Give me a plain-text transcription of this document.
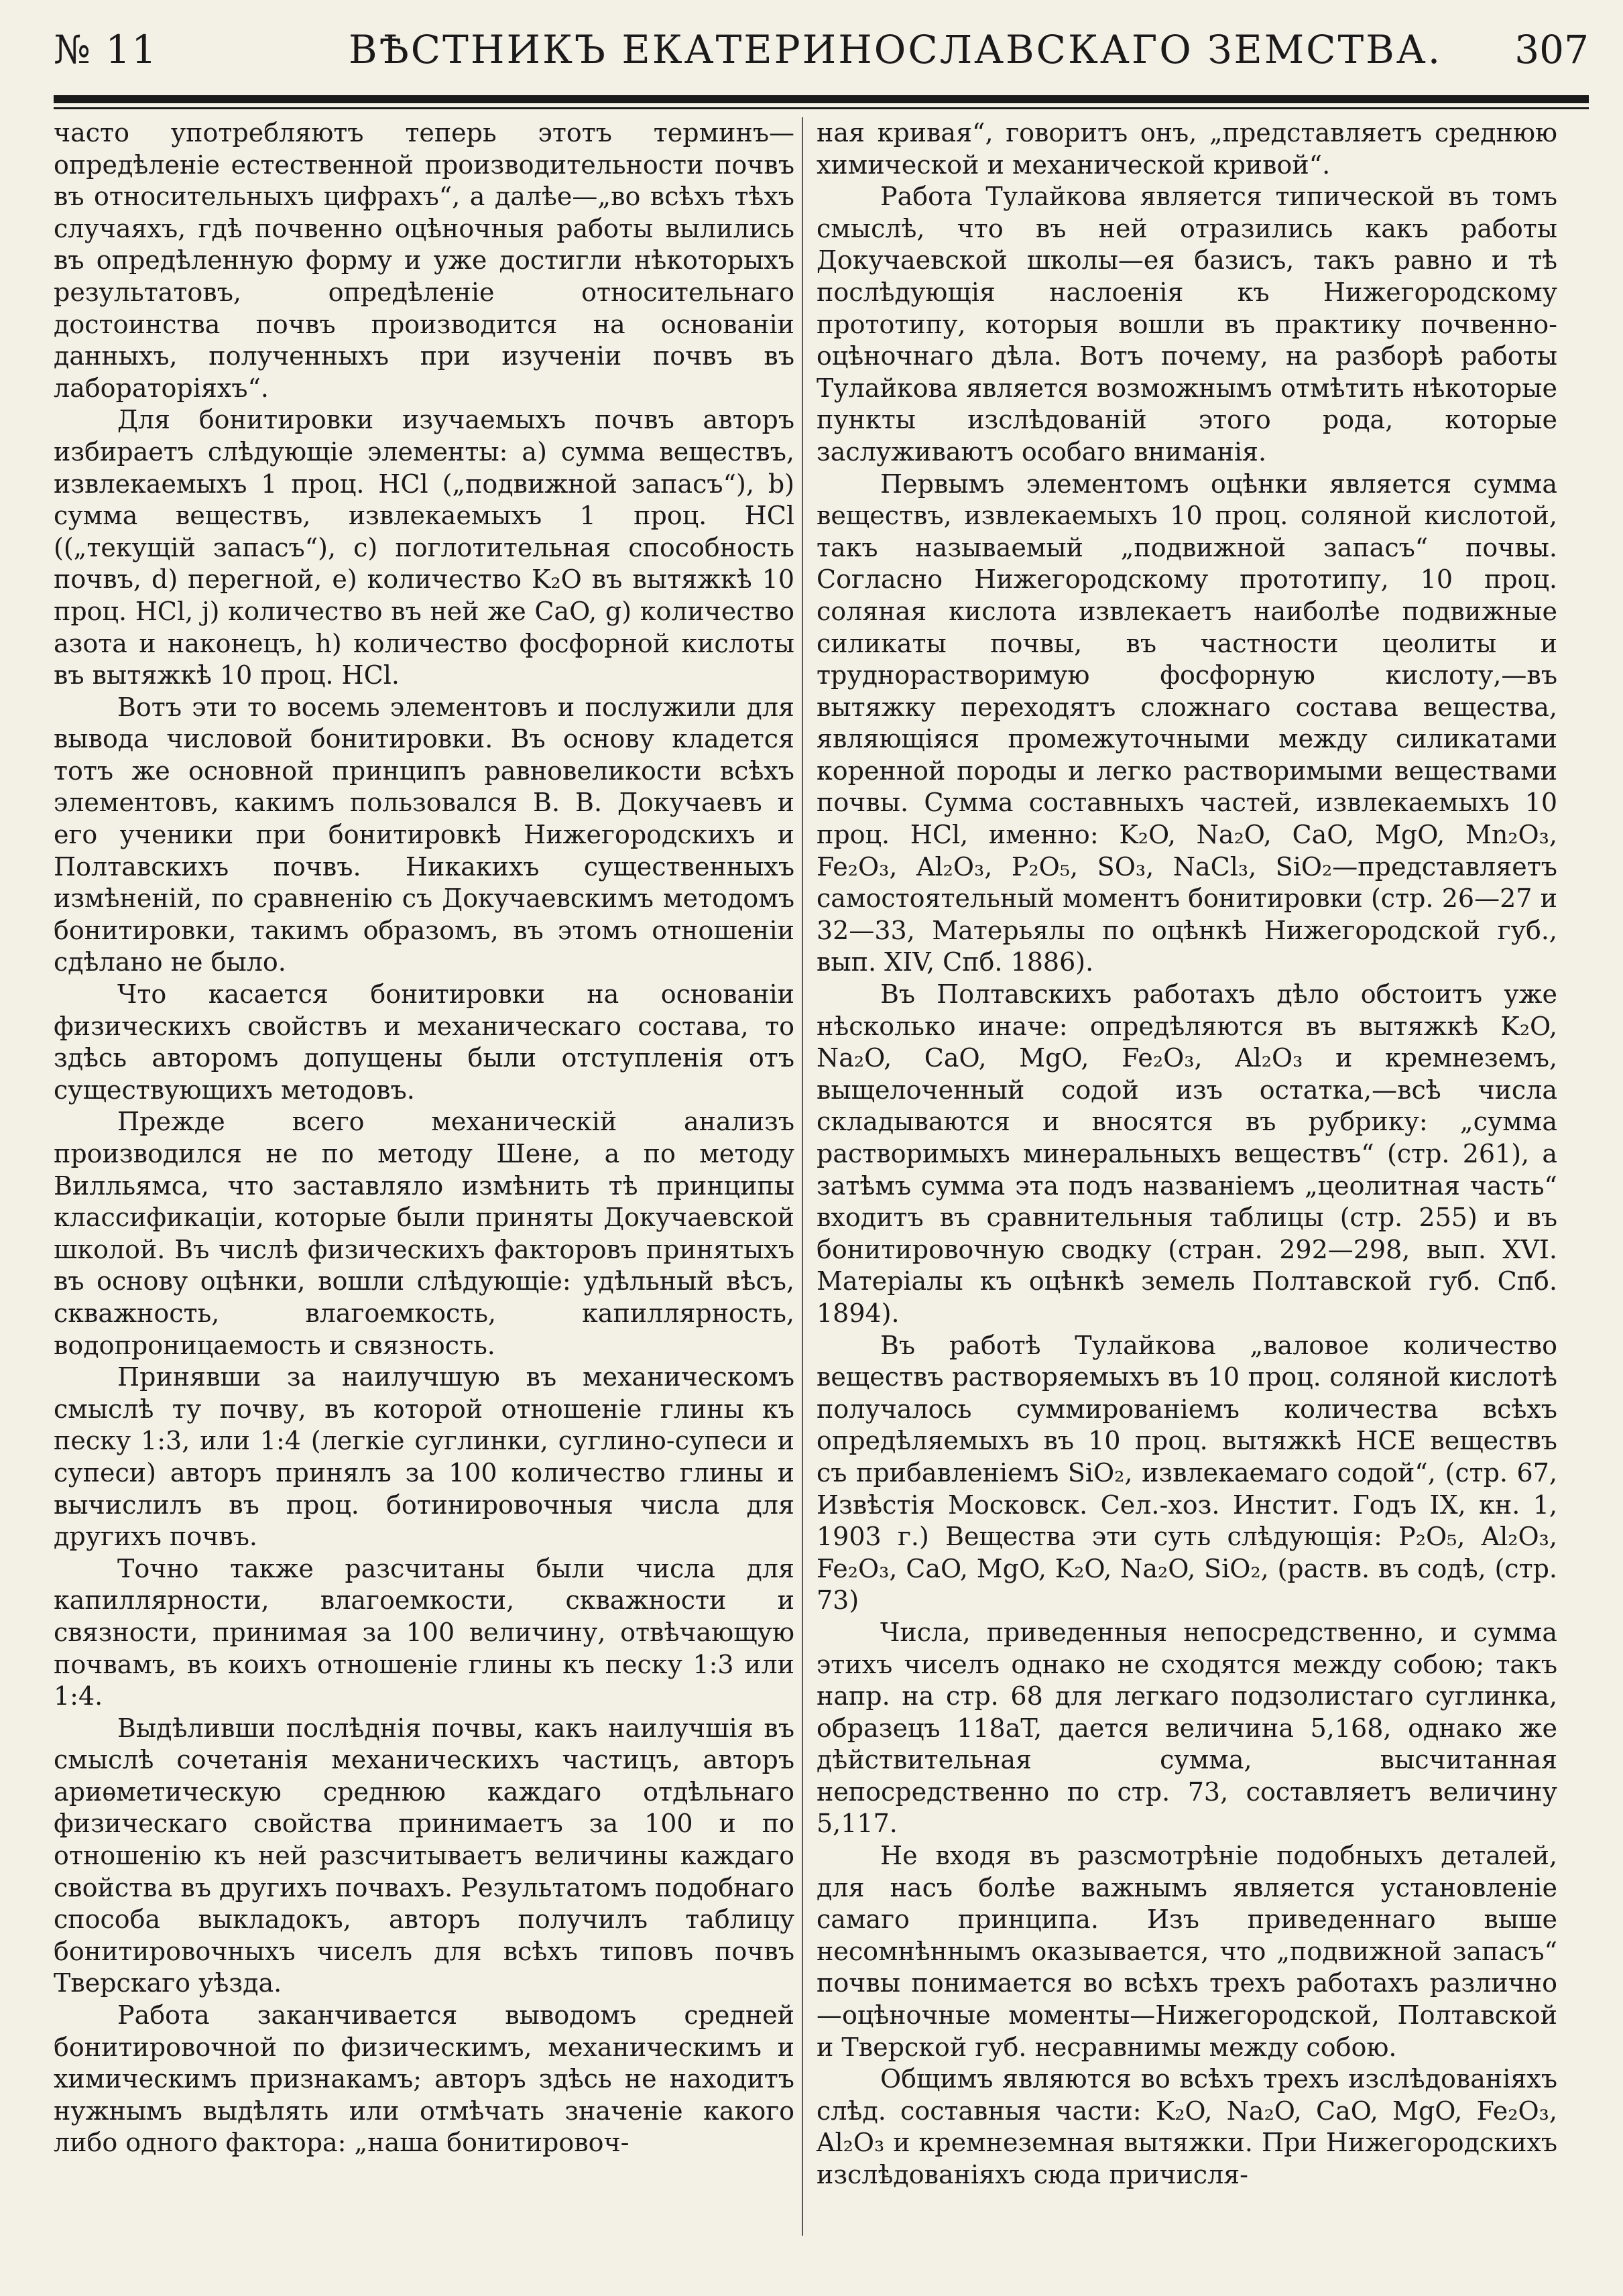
№ 11	ВѢСТНИКЪ ЕКАТЕРИНОСЛАВСКАГО ЗЕМСТВА. 307

часто употребляютъ теперь этотъ терминъ—опредѣленіе естественной производительности почвъ въ относительныхъ цифрахъ“, а далѣе—„во всѣхъ тѣхъ случаяхъ, гдѣ почвенно оцѣночныя работы вылились въ опредѣленную форму и уже достигли нѣкоторыхъ результатовъ, опредѣленіе относительнаго достоинства почвъ производится на основаніи данныхъ, полученныхъ при изученіи почвъ въ лабораторіяхъ“.

Для бонитировки изучаемыхъ почвъ авторъ избираетъ слѣдующіе элементы: a) сумма веществъ, извлекаемыхъ 1 проц. HCl („подвижной запасъ“), b) сумма веществъ, извлекаемыхъ 1 проц. HCl ((„текущій запасъ“), c) поглотительная способность почвъ, d) перегной, e) количество K₂O въ вытяжкѣ 10 проц. HCl, j) количество въ ней же CaO, g) количество азота и наконецъ, h) количество фосфорной кислоты въ вытяжкѣ 10 проц. HCl.

Вотъ эти то восемь элементовъ и послужили для вывода числовой бонитировки. Въ основу кладется тотъ же основной принципъ равновеликости всѣхъ элементовъ, какимъ пользовался В. В. Докучаевъ и его ученики при бонитировкѣ Нижегородскихъ и Полтавскихъ почвъ. Никакихъ существенныхъ измѣненій, по сравненію съ Докучаевскимъ методомъ бонитировки, такимъ образомъ, въ этомъ отношеніи сдѣлано не было.

Что касается бонитировки на основаніи физическихъ свойствъ и механическаго состава, то здѣсь авторомъ допущены были отступленія отъ существующихъ методовъ.

Прежде всего механическій анализъ производился не по методу Шене, а по методу Вилльямса, что заставляло измѣнить тѣ принципы классификаціи, которые были приняты Докучаевской школой. Въ числѣ физическихъ факторовъ принятыхъ въ основу оцѣнки, вошли слѣдующіе: удѣльный вѣсъ, скважность, влагоемкость, капиллярность, водопроницаемость и связность.

Принявши за наилучшую въ механическомъ смыслѣ ту почву, въ которой отношеніе глины къ песку 1:3, или 1:4 (легкіе суглинки, суглино-супеси и супеси) авторъ принялъ за 100 количество глины и вычислилъ въ проц. ботинировочныя числа для другихъ почвъ.

Точно также разсчитаны были числа для капиллярности, влагоемкости, скважности и связности, принимая за 100 величину, отвѣчающую почвамъ, въ коихъ отношеніе глины къ песку 1:3 или 1:4.

Выдѣливши послѣднія почвы, какъ наилучшія въ смыслѣ сочетанія механическихъ частицъ, авторъ ариѳметическую среднюю каждаго отдѣльнаго физическаго свойства принимаетъ за 100 и по отношенію къ ней разсчитываетъ величины каждаго свойства въ другихъ почвахъ. Результатомъ подобнаго способа выкладокъ, авторъ получилъ таблицу бонитировочныхъ чиселъ для всѣхъ типовъ почвъ Тверскаго уѣзда.

Работа заканчивается выводомъ средней бонитировочной по физическимъ, механическимъ и химическимъ признакамъ; авторъ здѣсь не находитъ нужнымъ выдѣлять или отмѣчать значеніе какого либо одного фактора: „наша бонитировоч-

ная кривая“, говоритъ онъ, „представляетъ среднюю химической и механической кривой“.

Работа Тулайкова является типической въ томъ смыслѣ, что въ ней отразились какъ работы Докучаевской школы—ея базисъ, такъ равно и тѣ послѣдующія наслоенія къ Нижегородскому прототипу, которыя вошли въ практику почвенно-оцѣночнаго дѣла. Вотъ почему, на разборѣ работы Тулайкова является возможнымъ отмѣтить нѣкоторые пункты изслѣдованій этого рода, которые заслуживаютъ особаго вниманія.

Первымъ элементомъ оцѣнки является сумма веществъ, извлекаемыхъ 10 проц. соляной кислотой, такъ называемый „подвижной запасъ“ почвы. Согласно Нижегородскому прототипу, 10 проц. соляная кислота извлекаетъ наиболѣе подвижные силикаты почвы, въ частности цеолиты и труднорастворимую фосфорную кислоту,—въ вытяжку переходятъ сложнаго состава вещества, являющіяся промежуточными между силикатами коренной породы и легко растворимыми веществами почвы. Сумма составныхъ частей, извлекаемыхъ 10 проц. HCl, именно: K₂O, Na₂O, CaO, MgO, Mn₂O₃, Fe₂O₃, Al₂O₃, P₂O₅, SO₃, NaCl₃, SiO₂—представляетъ самостоятельный моментъ бонитировки (стр. 26—27 и 32—33, Матерьялы по оцѣнкѣ Нижегородской губ., вып. XIV, Спб. 1886).

Въ Полтавскихъ работахъ дѣло обстоитъ уже нѣсколько иначе: опредѣляются въ вытяжкѣ K₂O, Na₂O, CaO, MgO, Fe₂O₃, Al₂O₃ и кремнеземъ, выщелоченный содой изъ остатка,—всѣ числа складываются и вносятся въ рубрику: „сумма растворимыхъ минеральныхъ веществъ“ (стр. 261), а затѣмъ сумма эта подъ названіемъ „цеолитная часть“ входитъ въ сравнительныя таблицы (стр. 255) и въ бонитировочную сводку (стран. 292—298, вып. XVI. Матеріалы къ оцѣнкѣ земель Полтавской губ. Спб. 1894).

Въ работѣ Тулайкова „валовое количество веществъ растворяемыхъ въ 10 проц. соляной кислотѣ получалось суммированіемъ количества всѣхъ опредѣляемыхъ въ 10 проц. вытяжкѣ HCE веществъ съ прибавленіемъ SiO₂, извлекаемаго содой“, (стр. 67, Извѣстія Московск. Сел.-хоз. Инстит. Годъ IX, кн. 1, 1903 г.) Вещества эти суть слѣдующія: P₂O₅, Al₂O₃, Fe₂O₃, CaO, MgO, K₂O, Na₂O, SiO₂, (раств. въ содѣ, (стр. 73)

Числа, приведенныя непосредственно, и сумма этихъ чиселъ однако не сходятся между собою; такъ напр. на стр. 68 для легкаго подзолистаго суглинка, образецъ 118aT, дается величина 5,168, однако же дѣйствительная сумма, высчитанная непосредственно по стр. 73, составляетъ величину 5,117.

Не входя въ разсмотрѣніе подобныхъ деталей, для насъ болѣе важнымъ является установленіе самаго принципа. Изъ приведеннаго выше несомнѣннымъ оказывается, что „подвижной запасъ“ почвы понимается во всѣхъ трехъ работахъ различно—оцѣночные моменты—Нижегородской, Полтавской и Тверской губ. несравнимы между собою.

Общимъ являются во всѣхъ трехъ изслѣдованіяхъ слѣд. составныя части: K₂O, Na₂O, CaO, MgO, Fe₂O₃, Al₂O₃ и кремнеземная вытяжки. При Нижегородскихъ изслѣдованіяхъ сюда причисля-
